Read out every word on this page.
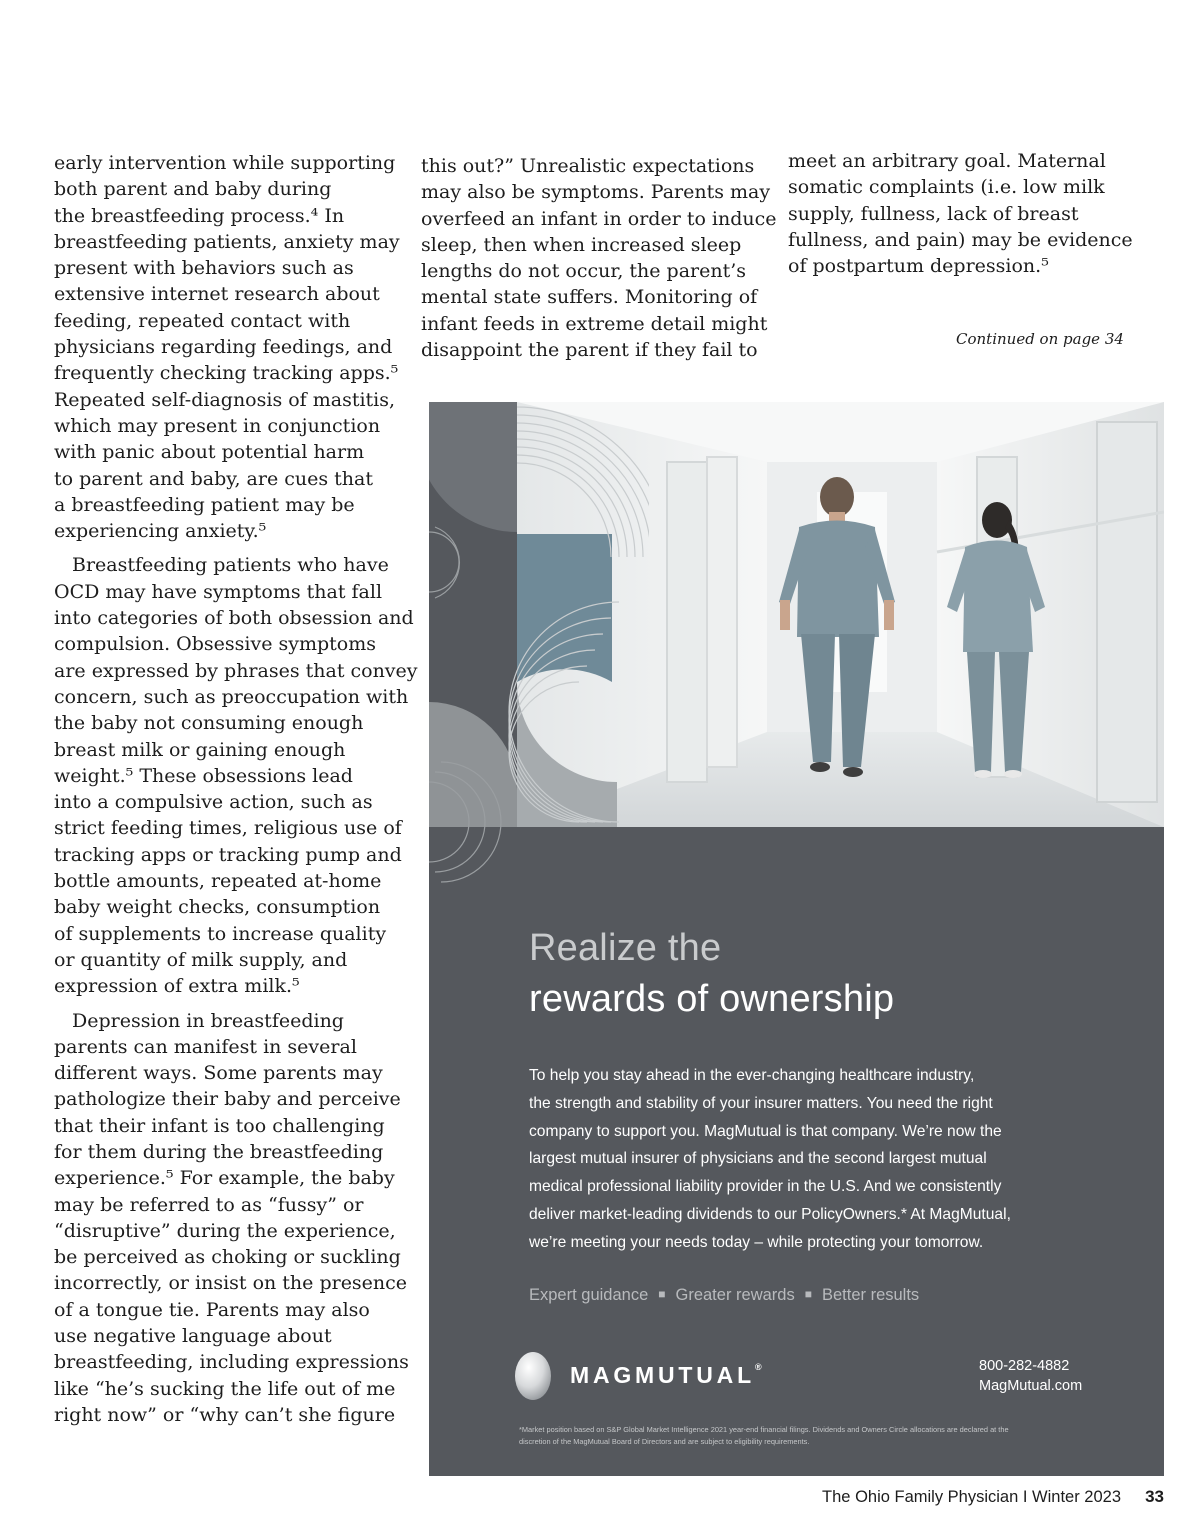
early intervention while supporting
both parent and baby during
the breastfeeding process.⁴ In
breastfeeding patients, anxiety may
present with behaviors such as
extensive internet research about
feeding, repeated contact with
physicians regarding feedings, and
frequently checking tracking apps.⁵
Repeated self-diagnosis of mastitis,
which may present in conjunction
with panic about potential harm
to parent and baby, are cues that
a breastfeeding patient may be
experiencing anxiety.⁵
Breastfeeding patients who have
OCD may have symptoms that fall
into categories of both obsession and
compulsion. Obsessive symptoms
are expressed by phrases that convey
concern, such as preoccupation with
the baby not consuming enough
breast milk or gaining enough
weight.⁵ These obsessions lead
into a compulsive action, such as
strict feeding times, religious use of
tracking apps or tracking pump and
bottle amounts, repeated at-home
baby weight checks, consumption
of supplements to increase quality
or quantity of milk supply, and
expression of extra milk.⁵
Depression in breastfeeding
parents can manifest in several
different ways. Some parents may
pathologize their baby and perceive
that their infant is too challenging
for them during the breastfeeding
experience.⁵ For example, the baby
may be referred to as “fussy” or
“disruptive” during the experience,
be perceived as choking or suckling
incorrectly, or insist on the presence
of a tongue tie. Parents may also
use negative language about
breastfeeding, including expressions
like “he’s sucking the life out of me
right now” or “why can’t she figure
this out?” Unrealistic expectations
may also be symptoms. Parents may
overfeed an infant in order to induce
sleep, then when increased sleep
lengths do not occur, the parent’s
mental state suffers. Monitoring of
infant feeds in extreme detail might
disappoint the parent if they fail to
meet an arbitrary goal. Maternal
somatic complaints (i.e. low milk
supply, fullness, lack of breast
fullness, and pain) may be evidence
of postpartum depression.⁵
Continued on page 34
Realize the
rewards of ownership
To help you stay ahead in the ever-changing healthcare industry,
the strength and stability of your insurer matters. You need the right
company to support you. MagMutual is that company. We’re now the
largest mutual insurer of physicians and the second largest mutual
medical professional liability provider in the U.S. And we consistently
deliver market-leading dividends to our PolicyOwners.* At MagMutual,
we’re meeting your needs today – while protecting your tomorrow.
Expert guidance ■ Greater rewards ■ Better results
MAGMUTUAL®	800-282-4882
MagMutual.com
*Market position based on S&P Global Market Intelligence 2021 year-end financial filings. Dividends and Owners Circle allocations are declared at the
discretion of the MagMutual Board of Directors and are subject to eligibility requirements.
The Ohio Family Physician I Winter 2023 33
